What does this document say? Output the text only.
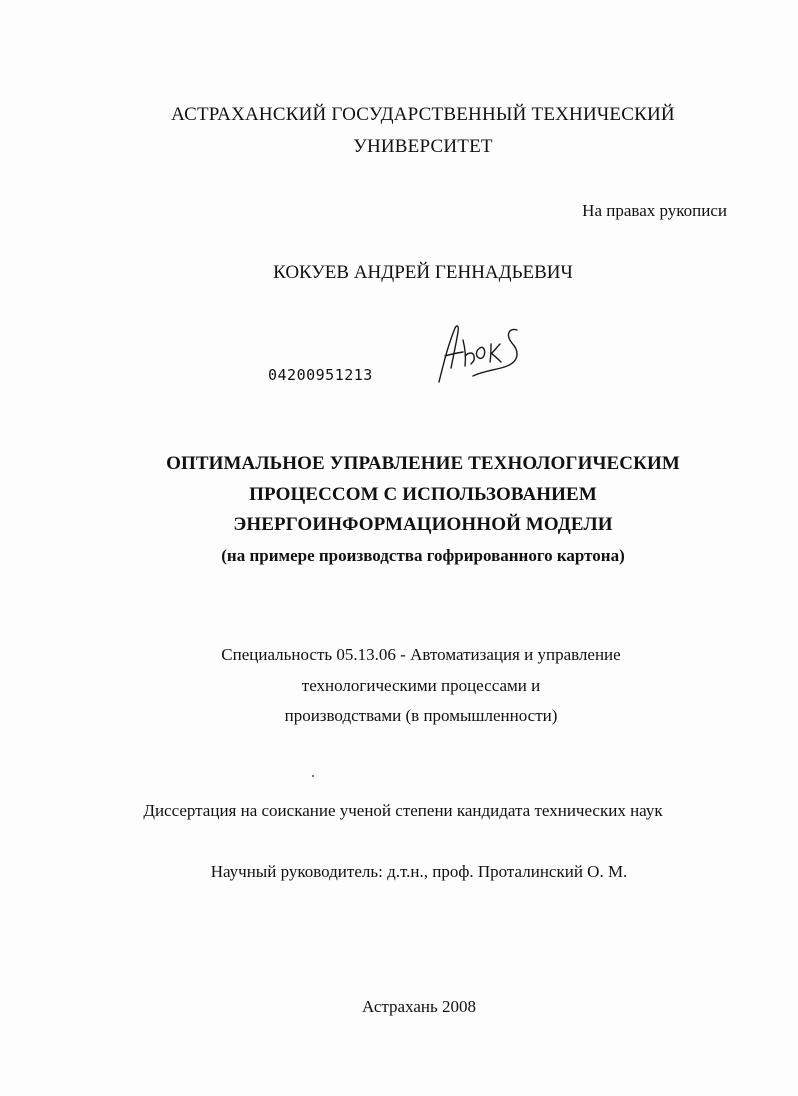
АСТРАХАНСКИЙ ГОСУДАРСТВЕННЫЙ ТЕХНИЧЕСКИЙ
УНИВЕРСИТЕТ
На правах рукописи
КОКУЕВ АНДРЕЙ ГЕННАДЬЕВИЧ
04200951213
ОПТИМАЛЬНОЕ УПРАВЛЕНИЕ ТЕХНОЛОГИЧЕСКИМ
ПРОЦЕССОМ С ИСПОЛЬЗОВАНИЕМ
ЭНЕРГОИНФОРМАЦИОННОЙ МОДЕЛИ
(на примере производства гофрированного картона)
Специальность 05.13.06 - Автоматизация и управление
технологическими процессами и
производствами (в промышленности)
Диссертация на соискание ученой степени кандидата технических наук
Научный руководитель: д.т.н., проф. Проталинский О. М.
Астрахань 2008
